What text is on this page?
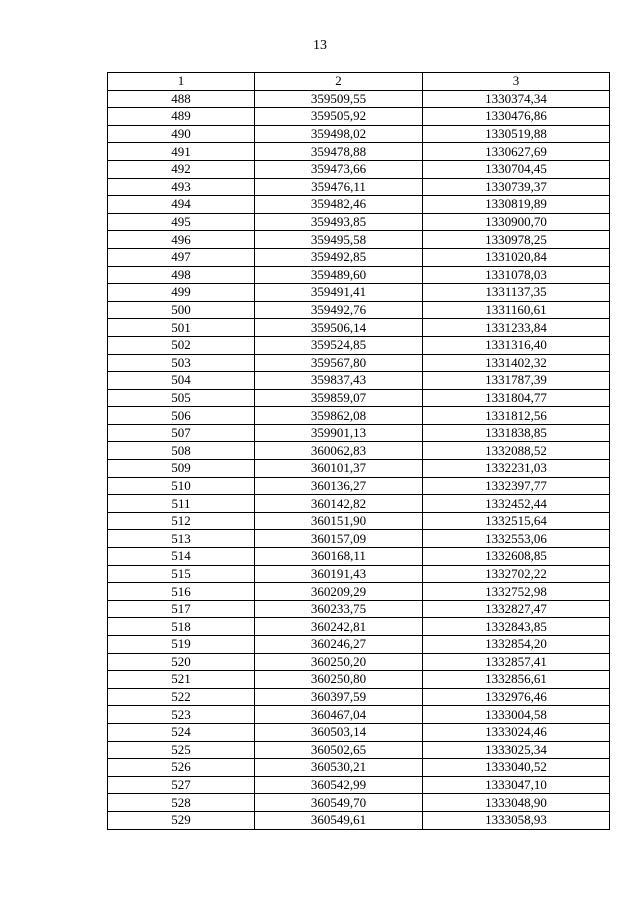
13
1	2	3
488	359509,55	1330374,34
489	359505,92	1330476,86
490	359498,02	1330519,88
491	359478,88	1330627,69
492	359473,66	1330704,45
493	359476,11	1330739,37
494	359482,46	1330819,89
495	359493,85	1330900,70
496	359495,58	1330978,25
497	359492,85	1331020,84
498	359489,60	1331078,03
499	359491,41	1331137,35
500	359492,76	1331160,61
501	359506,14	1331233,84
502	359524,85	1331316,40
503	359567,80	1331402,32
504	359837,43	1331787,39
505	359859,07	1331804,77
506	359862,08	1331812,56
507	359901,13	1331838,85
508	360062,83	1332088,52
509	360101,37	1332231,03
510	360136,27	1332397,77
511	360142,82	1332452,44
512	360151,90	1332515,64
513	360157,09	1332553,06
514	360168,11	1332608,85
515	360191,43	1332702,22
516	360209,29	1332752,98
517	360233,75	1332827,47
518	360242,81	1332843,85
519	360246,27	1332854,20
520	360250,20	1332857,41
521	360250,80	1332856,61
522	360397,59	1332976,46
523	360467,04	1333004,58
524	360503,14	1333024,46
525	360502,65	1333025,34
526	360530,21	1333040,52
527	360542,99	1333047,10
528	360549,70	1333048,90
529	360549,61	1333058,93
